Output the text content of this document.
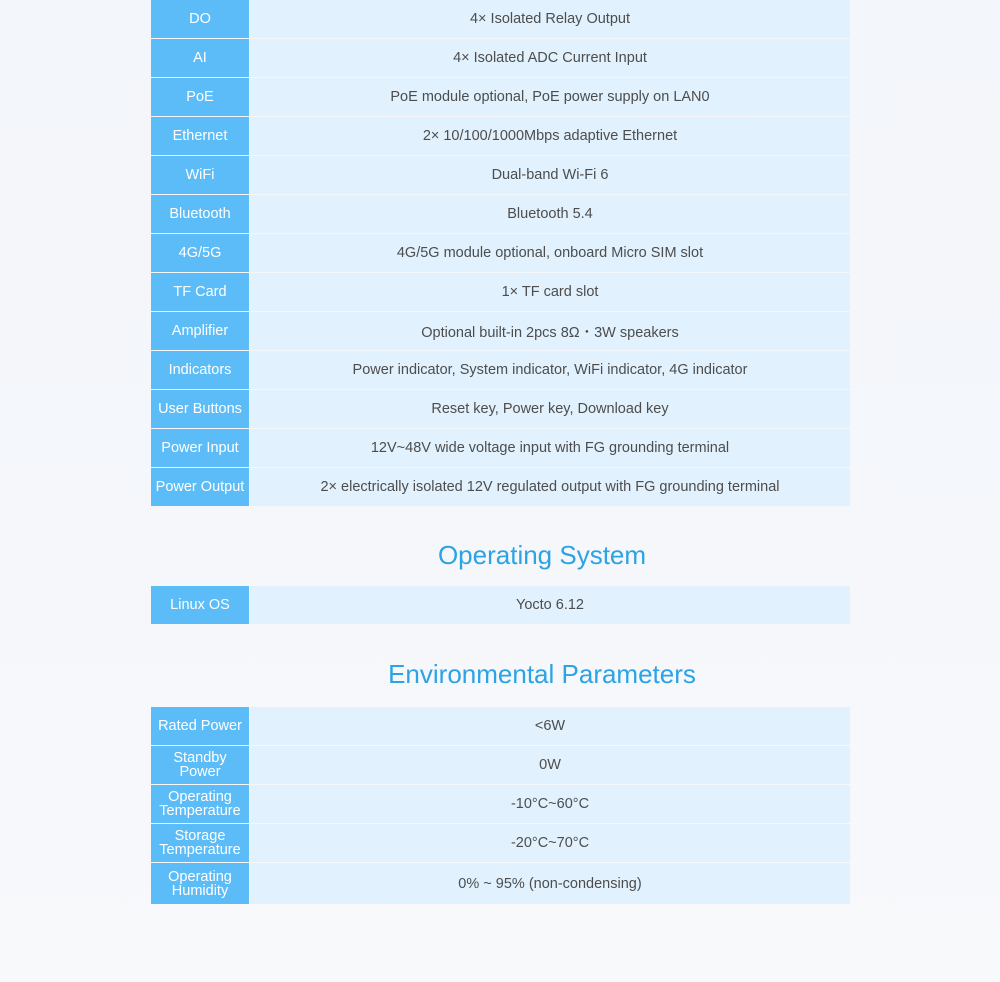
DO	4× Isolated Relay Output
AI	4× Isolated ADC Current Input
PoE	PoE module optional, PoE power supply on LAN0
Ethernet	2× 10/100/1000Mbps adaptive Ethernet
WiFi	Dual-band Wi-Fi 6
Bluetooth	Bluetooth 5.4
4G/5G	4G/5G module optional, onboard Micro SIM slot
TF Card	1× TF card slot
Amplifier	Optional built-in 2pcs 8Ω・3W speakers
Indicators	Power indicator, System indicator, WiFi indicator, 4G indicator
User Buttons	Reset key, Power key, Download key
Power Input	12V~48V wide voltage input with FG grounding terminal
Power Output	2× electrically isolated 12V regulated output with FG grounding terminal
Operating System
Linux OS	Yocto 6.12
Environmental Parameters
Rated Power	<6W
Standby Power	0W
Operating Temperature	-10°C~60°C
Storage Temperature	-20°C~70°C
Operating Humidity	0% ~ 95% (non-condensing)
